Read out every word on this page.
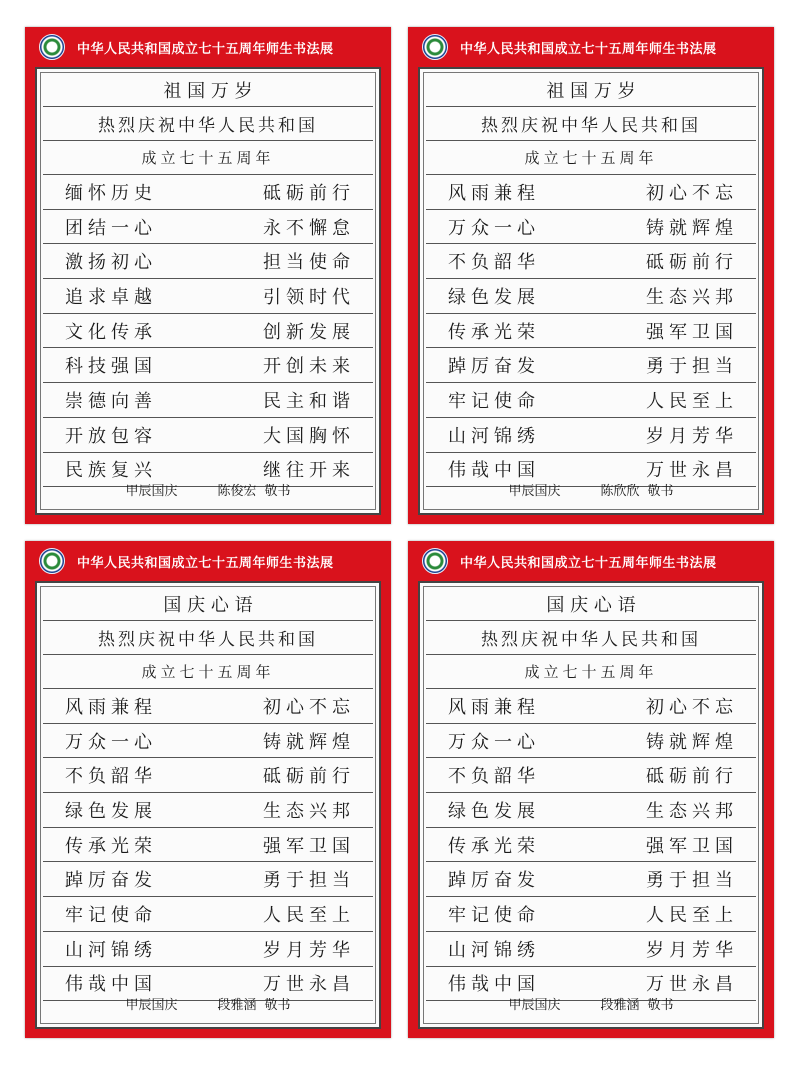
中华人民共和国成立七十五周年师生书法展
祖 国 万 岁
热烈庆祝中华人民共和国
成立七十五周年
缅怀历史	砥砺前行
团结一心	永不懈怠
激扬初心	担当使命
追求卓越	引领时代
文化传承	创新发展
科技强国	开创未来
崇德向善	民主和谐
开放包容	大国胸怀
民族复兴	继往开来
甲辰国庆	陈俊宏 敬书
中华人民共和国成立七十五周年师生书法展
祖 国 万 岁
热烈庆祝中华人民共和国
成立七十五周年
风雨兼程	初心不忘
万众一心	铸就辉煌
不负韶华	砥砺前行
绿色发展	生态兴邦
传承光荣	强军卫国
踔厉奋发	勇于担当
牢记使命	人民至上
山河锦绣	岁月芳华
伟哉中国	万世永昌
甲辰国庆	陈欣欣 敬书
中华人民共和国成立七十五周年师生书法展
国 庆 心 语
热烈庆祝中华人民共和国
成立七十五周年
风雨兼程	初心不忘
万众一心	铸就辉煌
不负韶华	砥砺前行
绿色发展	生态兴邦
传承光荣	强军卫国
踔厉奋发	勇于担当
牢记使命	人民至上
山河锦绣	岁月芳华
伟哉中国	万世永昌
甲辰国庆	段雅涵 敬书
中华人民共和国成立七十五周年师生书法展
国 庆 心 语
热烈庆祝中华人民共和国
成立七十五周年
风雨兼程	初心不忘
万众一心	铸就辉煌
不负韶华	砥砺前行
绿色发展	生态兴邦
传承光荣	强军卫国
踔厉奋发	勇于担当
牢记使命	人民至上
山河锦绣	岁月芳华
伟哉中国	万世永昌
甲辰国庆	段雅涵 敬书
